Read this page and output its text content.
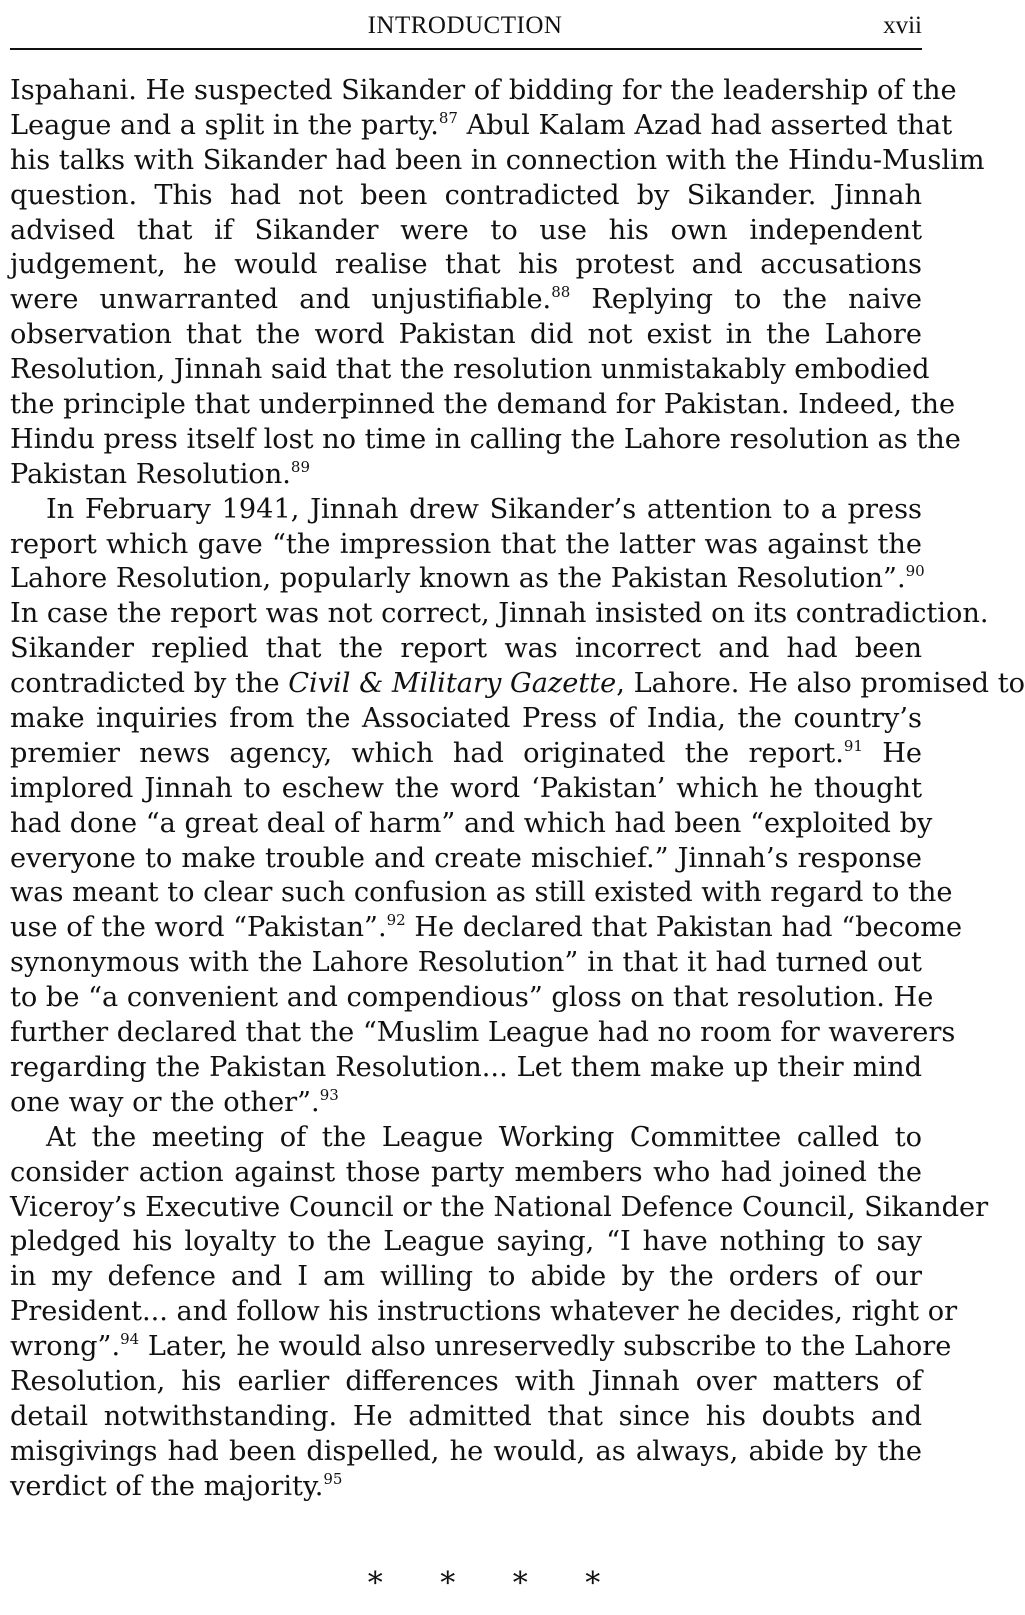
INTRODUCTION	xvii
Ispahani. He suspected Sikander of bidding for the leadership of the
League and a split in the party.$^{87}$ Abul Kalam Azad had asserted that
his talks with Sikander had been in connection with the Hindu-Muslim
question. This had not been contradicted by Sikander. Jinnah
advised that if Sikander were to use his own independent
judgement, he would realise that his protest and accusations
were unwarranted and unjustifiable.$^{88}$ Replying to the naive
observation that the word Pakistan did not exist in the Lahore
Resolution, Jinnah said that the resolution unmistakably embodied
the principle that underpinned the demand for Pakistan. Indeed, the
Hindu press itself lost no time in calling the Lahore resolution as the
Pakistan Resolution.$^{89}$
In February 1941, Jinnah drew Sikander’s attention to a press
report which gave “the impression that the latter was against the
Lahore Resolution, popularly known as the Pakistan Resolution”.$^{90}$
In case the report was not correct, Jinnah insisted on its contradiction.
Sikander replied that the report was incorrect and had been
contradicted by the Civil & Military Gazette, Lahore. He also promised to
make inquiries from the Associated Press of India, the country’s
premier news agency, which had originated the report.$^{91}$ He
implored Jinnah to eschew the word ‘Pakistan’ which he thought
had done “a great deal of harm” and which had been “exploited by
everyone to make trouble and create mischief.” Jinnah’s response
was meant to clear such confusion as still existed with regard to the
use of the word “Pakistan”.$^{92}$ He declared that Pakistan had “become
synonymous with the Lahore Resolution” in that it had turned out
to be “a convenient and compendious” gloss on that resolution. He
further declared that the “Muslim League had no room for waverers
regarding the Pakistan Resolution... Let them make up their mind
one way or the other”.$^{93}$
At the meeting of the League Working Committee called to
consider action against those party members who had joined the
Viceroy’s Executive Council or the National Defence Council, Sikander
pledged his loyalty to the League saying, “I have nothing to say
in my defence and I am willing to abide by the orders of our
President... and follow his instructions whatever he decides, right or
wrong”.$^{94}$ Later, he would also unreservedly subscribe to the Lahore
Resolution, his earlier differences with Jinnah over matters of
detail notwithstanding. He admitted that since his doubts and
misgivings had been dispelled, he would, as always, abide by the
verdict of the majority.$^{95}$
* * * *
